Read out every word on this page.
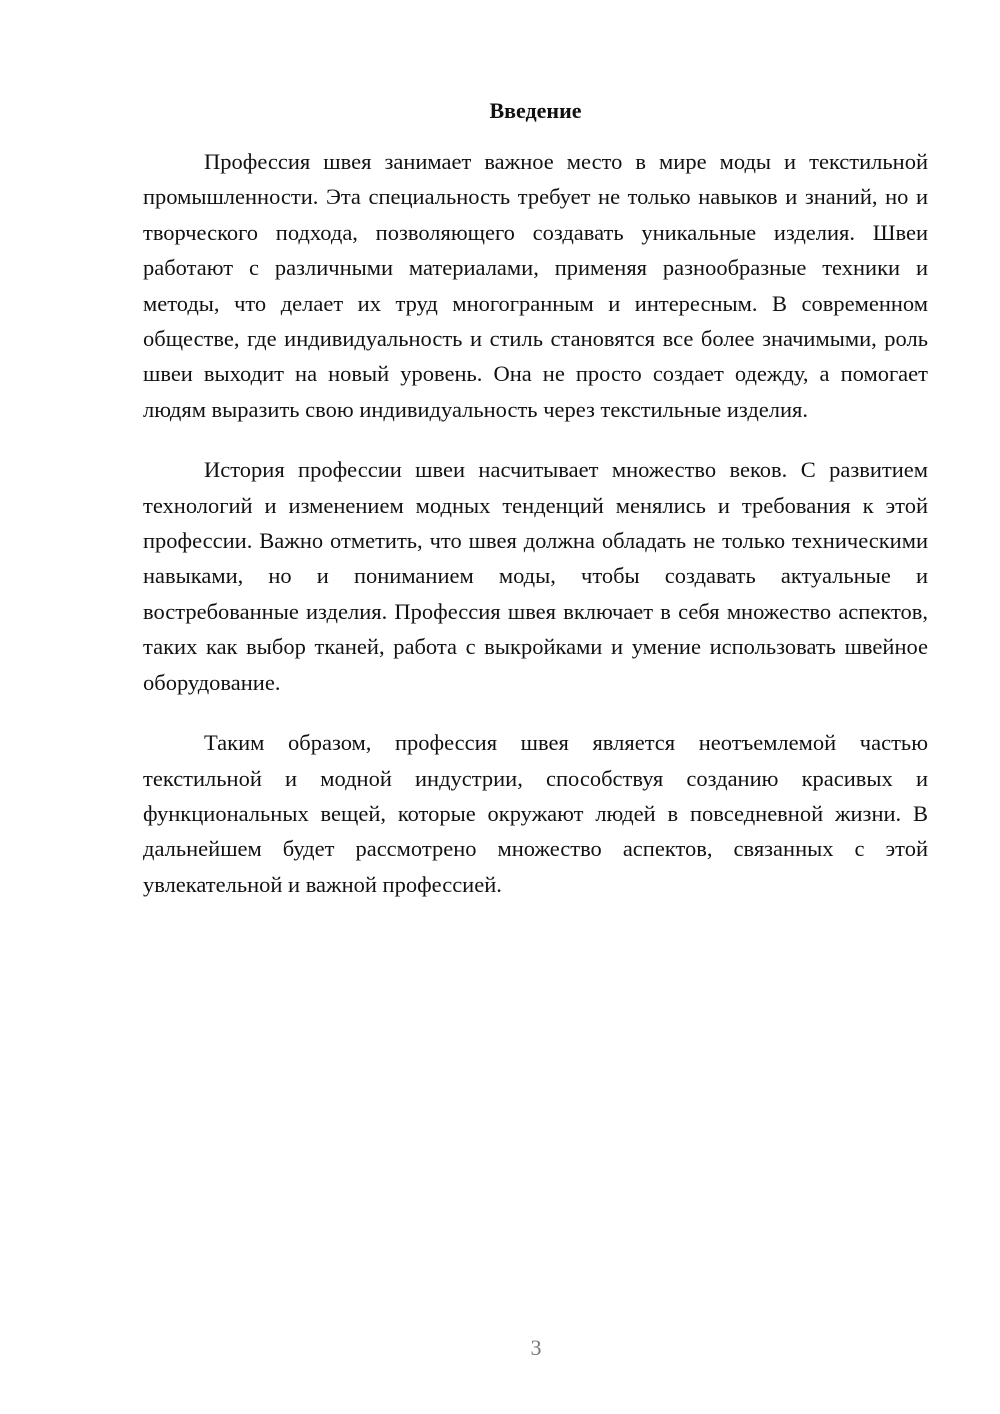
Введение

Профессия швея занимает важное место в мире моды и текстильной промышленности. Эта специальность требует не только навыков и знаний, но и творческого подхода, позволяющего создавать уникальные изделия. Швеи работают с различными материалами, применяя разнообразные техники и методы, что делает их труд многогранным и интересным. В современном обществе, где индивидуальность и стиль становятся все более значимыми, роль швеи выходит на новый уровень. Она не просто создает одежду, а помогает людям выразить свою индивидуальность через текстильные изделия.

История профессии швеи насчитывает множество веков. С развитием технологий и изменением модных тенденций менялись и требования к этой профессии. Важно отметить, что швея должна обладать не только техническими навыками, но и пониманием моды, чтобы создавать актуальные и востребованные изделия. Профессия швея включает в себя множество аспектов, таких как выбор тканей, работа с выкройками и умение использовать швейное оборудование.

Таким образом, профессия швея является неотъемлемой частью текстильной и модной индустрии, способствуя созданию красивых и функциональных вещей, которые окружают людей в повседневной жизни. В дальнейшем будет рассмотрено множество аспектов, связанных с этой увлекательной и важной профессией.

3
